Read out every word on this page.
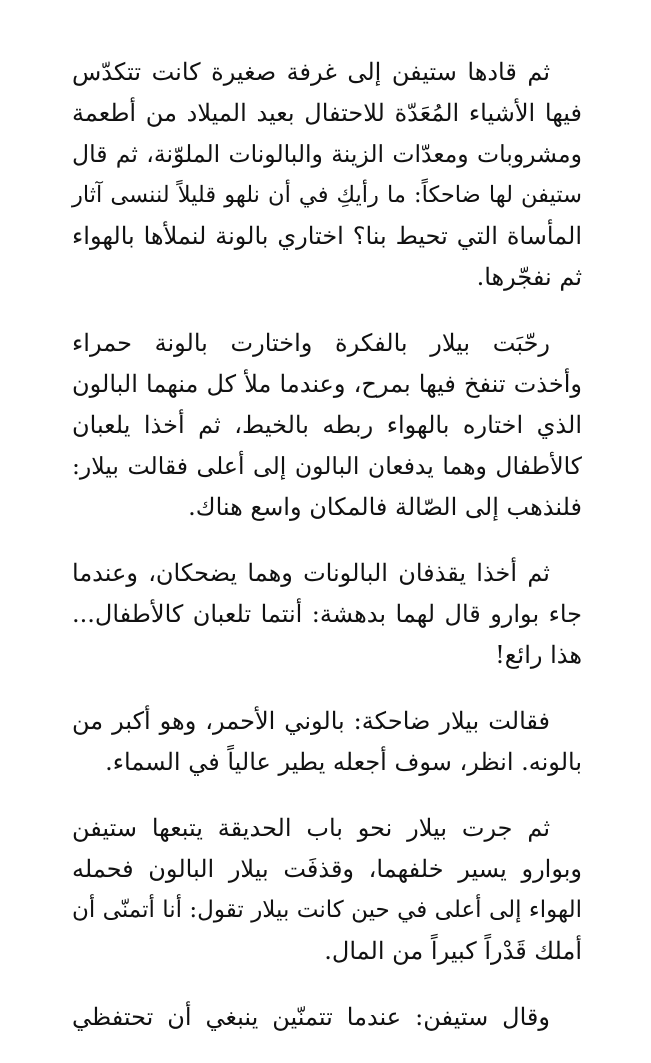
ثم قادها ستيفن إلى غرفة صغيرة كانت تتكدّس
فيها الأشياء المُعَدّة للاحتفال بعيد الميلاد من أطعمة
ومشروبات ومعدّات الزينة والبالونات الملوّنة، ثم قال
ستيفن لها ضاحكاً: ما رأيكِ في أن نلهو قليلاً لننسى آثار
المأساة التي تحيط بنا؟ اختاري بالونة لنملأها بالهواء
ثم نفجّرها.

رحّبَت بيلار بالفكرة واختارت بالونة حمراء
وأخذت تنفخ فيها بمرح، وعندما ملأ كل منهما البالون
الذي اختاره بالهواء ربطه بالخيط، ثم أخذا يلعبان
كالأطفال وهما يدفعان البالون إلى أعلى فقالت بيلار:
فلنذهب إلى الصّالة فالمكان واسع هناك.

ثم أخذا يقذفان البالونات وهما يضحكان، وعندما
جاء بوارو قال لهما بدهشة: أنتما تلعبان كالأطفال...
هذا رائع!

فقالت بيلار ضاحكة: بالوني الأحمر، وهو أكبر من
بالونه. انظر، سوف أجعله يطير عالياً في السماء.

ثم جرت بيلار نحو باب الحديقة يتبعها ستيفن
وبوارو يسير خلفهما، وقذفَت بيلار البالون فحمله
الهواء إلى أعلى في حين كانت بيلار تقول: أنا أتمنّى أن
أملك قَدْراً كبيراً من المال.

وقال ستيفن: عندما تتمنّين ينبغي أن تحتفظي
